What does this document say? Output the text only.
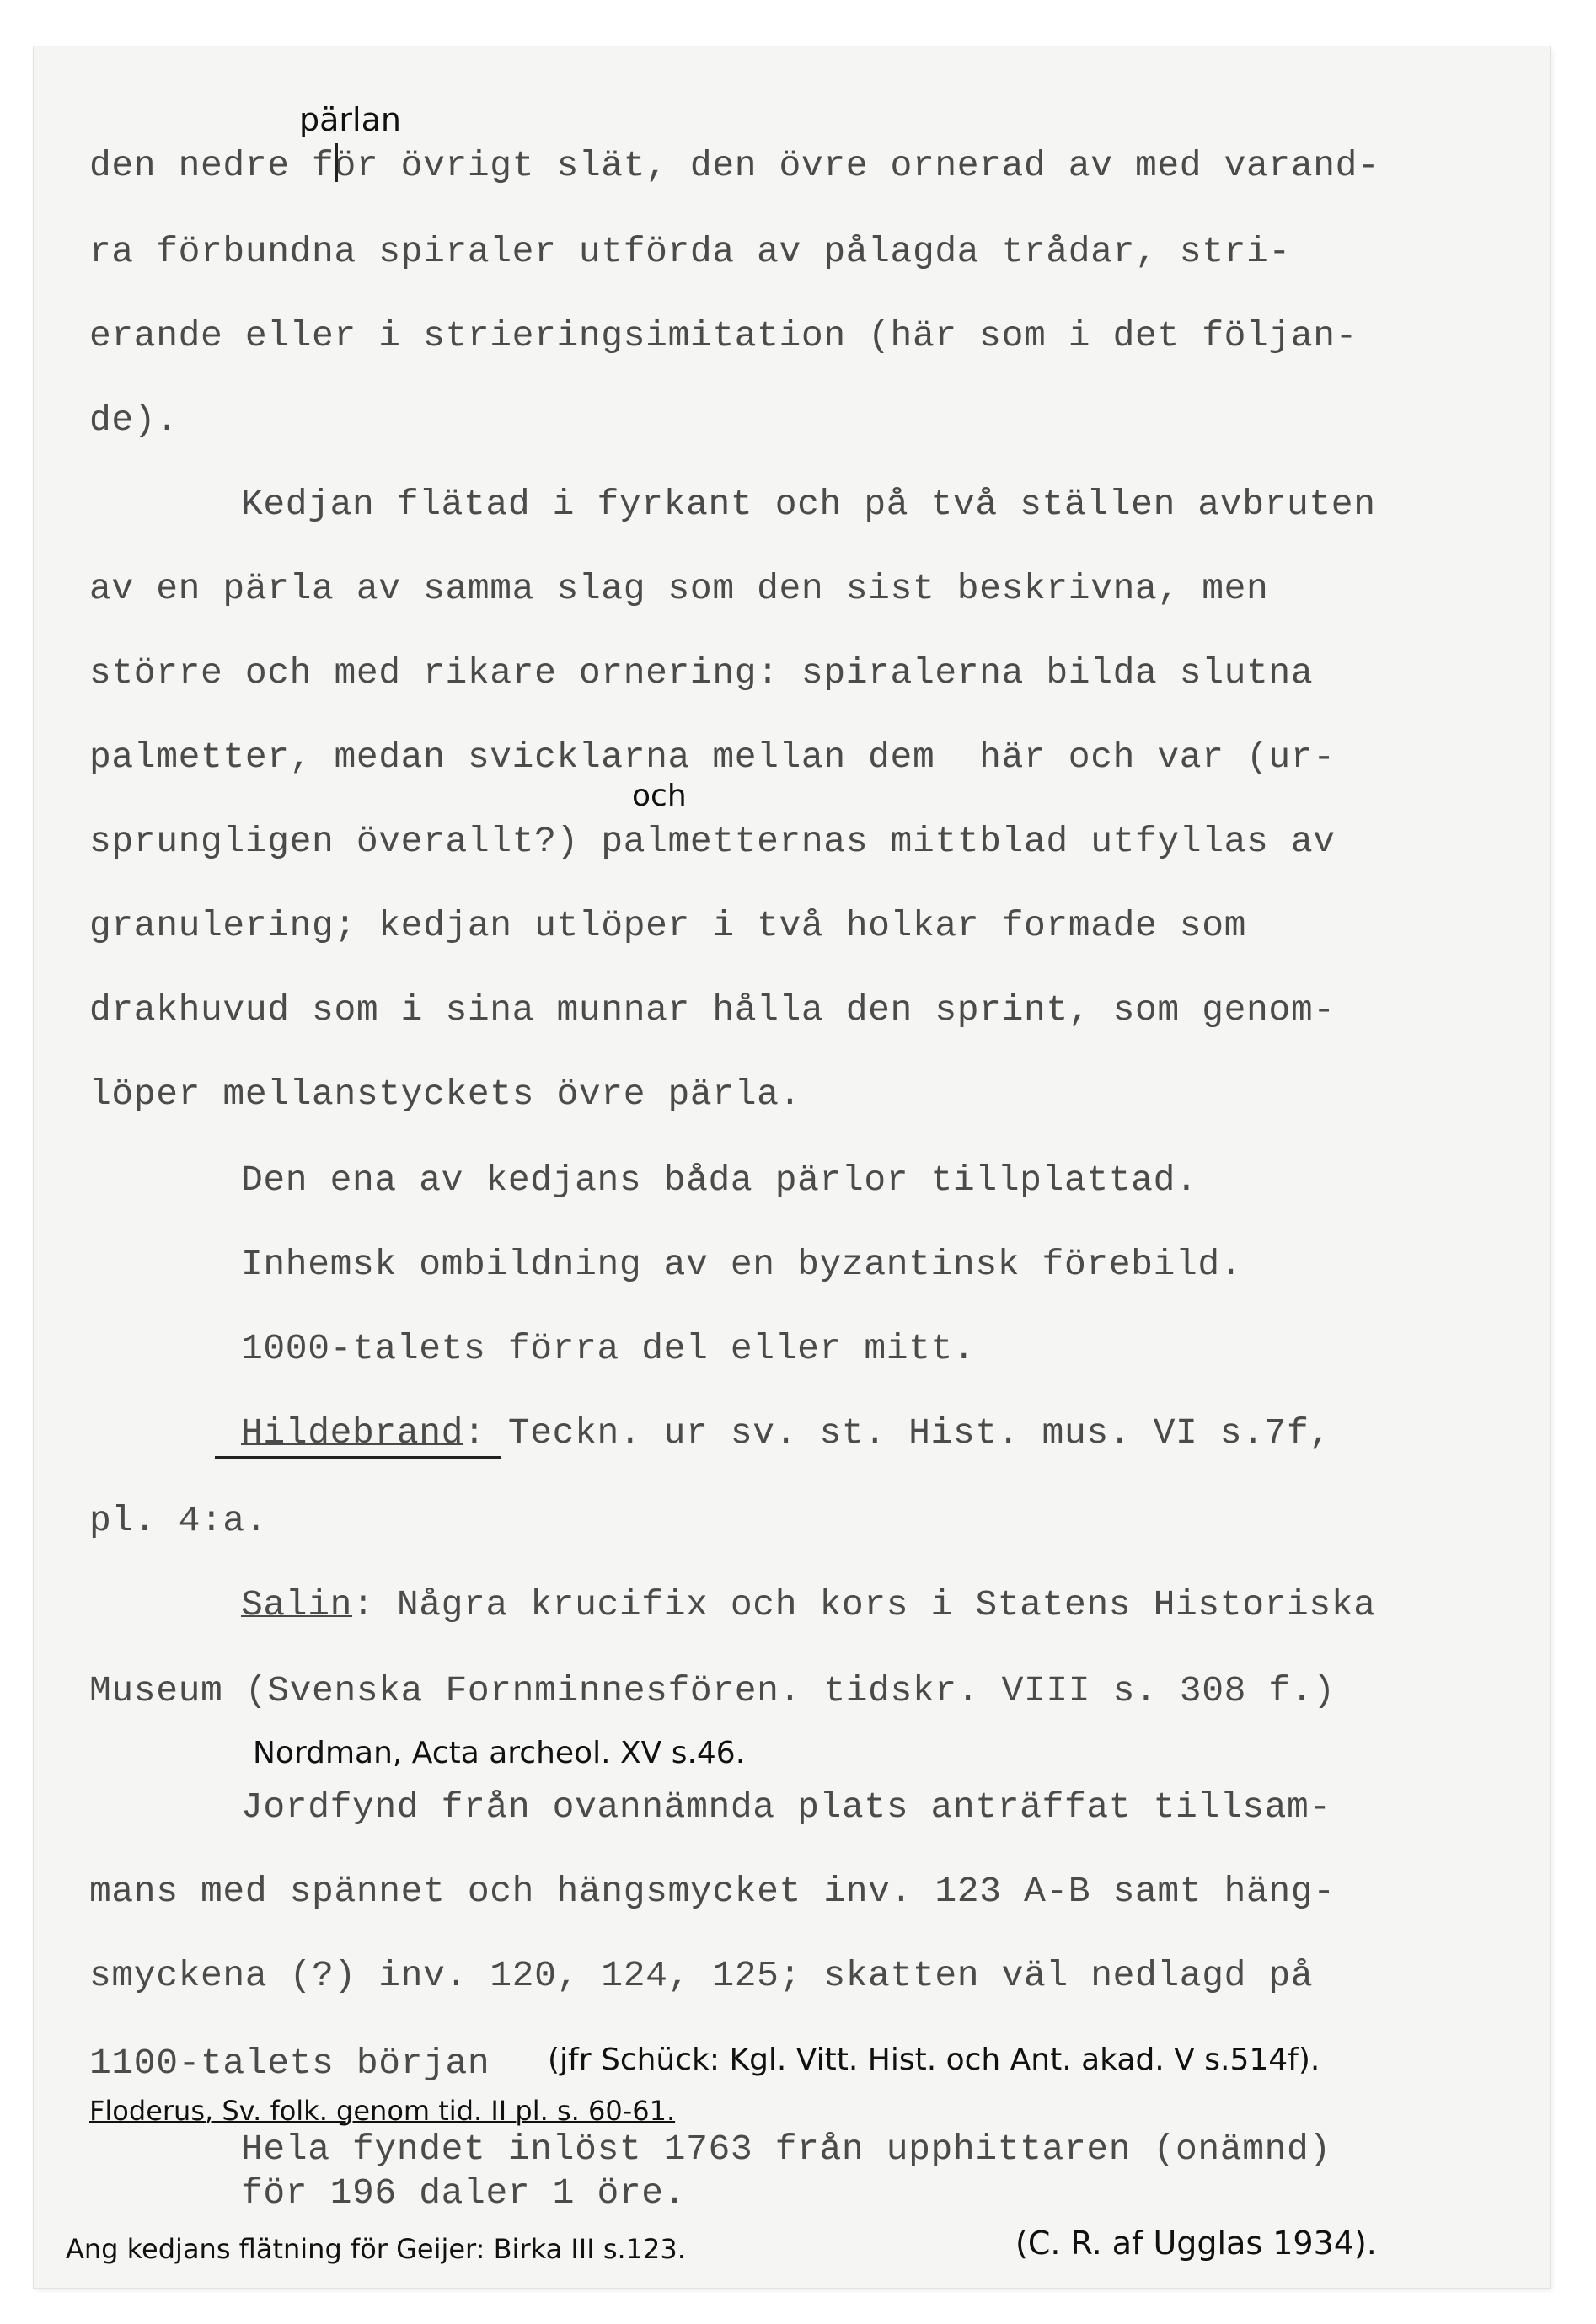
den nedre för övrigt slät, den övre ornerad av med varand-
ra förbundna spiraler utförda av pålagda trådar, stri-
erande eller i strieringsimitation (här som i det följan-
de).
Kedjan flätad i fyrkant och på två ställen avbruten
av en pärla av samma slag som den sist beskrivna, men
större och med rikare ornering: spiralerna bilda slutna
palmetter, medan svicklarna mellan dem  här och var (ur-
sprungligen överallt?) palmetternas mittblad utfyllas av
granulering; kedjan utlöper i två holkar formade som
drakhuvud som i sina munnar hålla den sprint, som genom-
löper mellanstyckets övre pärla.
Den ena av kedjans båda pärlor tillplattad.
Inhemsk ombildning av en byzantinsk förebild.
1000-talets förra del eller mitt.
Hildebrand: Teckn. ur sv. st. Hist. mus. VI s.7f,
pl. 4:a.
Salin: Några krucifix och kors i Statens Historiska
Museum (Svenska Fornminnesfören. tidskr. VIII s. 308 f.)
Jordfynd från ovannämnda plats anträffat tillsam-
mans med spännet och hängsmycket inv. 123 A-B samt häng-
smyckena (?) inv. 120, 124, 125; skatten väl nedlagd på
1100-talets början
Hela fyndet inlöst 1763 från upphittaren (onämnd)
för 196 daler 1 öre.
pärlan
och
Nordman, Acta archeol. XV s.46.
(jfr Schück: Kgl. Vitt. Hist. och Ant. akad. V s.514f).
Floderus, Sv. folk. genom tid. II pl. s. 60-61.
Ang kedjans flätning för Geijer: Birka III s.123.	(C. R. af Ugglas 1934).
